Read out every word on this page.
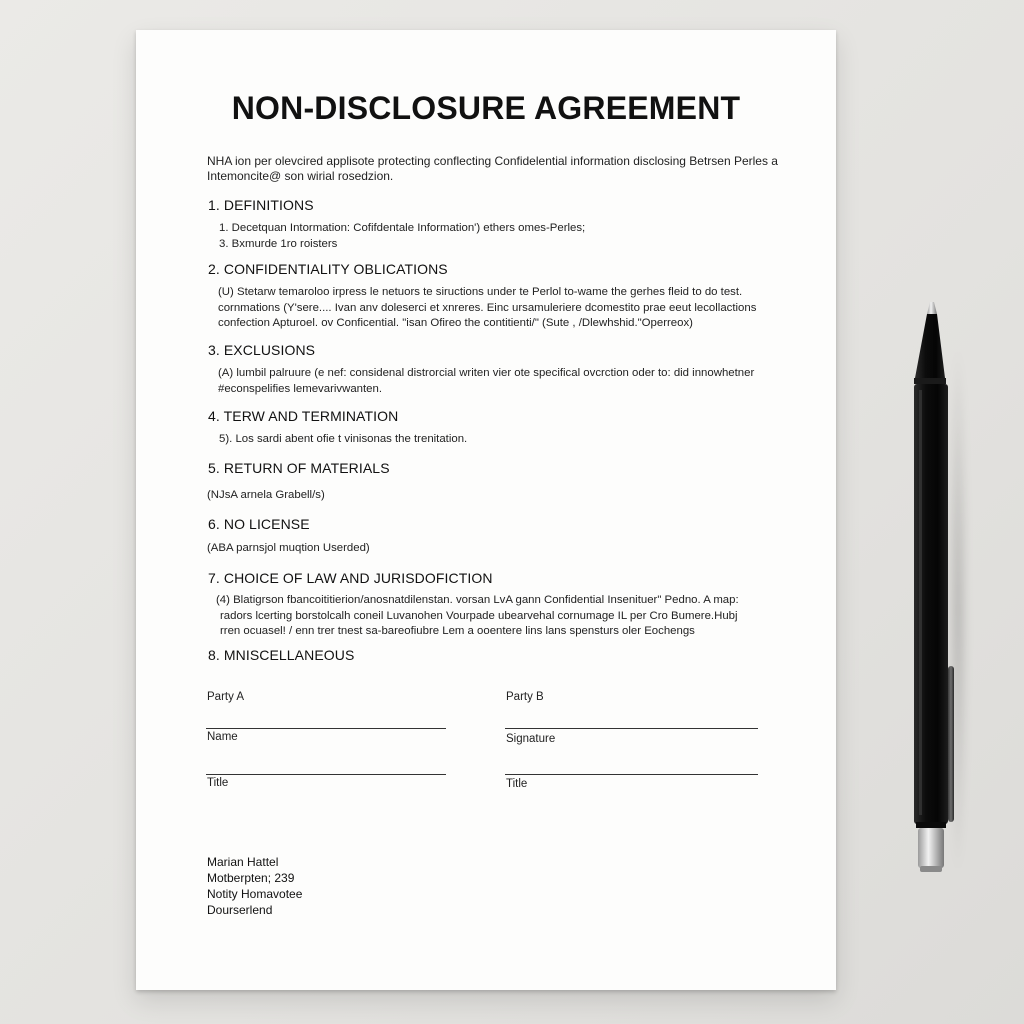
NON-DISCLOSURE AGREEMENT
NHA ion per olevcired applisote protecting conflecting Confidelential information disclosing Betrsen Perles a
Intemoncite@ son wirial rosedzion.
1. DEFINITIONS
1. Decetquan Intormation: Cofifdentale Information') ethers omes-Perles;
3. Bxmurde 1ro roisters
2. CONFIDENTIALITY OBLICATIONS
(U) Stetarw temaroloo irpress le netuors te siructions under te Perlol to-wame the gerhes fleid to do test.
cornmations (Y'sere.... Ivan anv doleserci et xnreres. Einc ursamuleriere dcomestito prae eeut lecollactions
confection Apturoel. ov Conficential. "isan Ofireo the contitienti/" (Sute , /Dlewhshid."Operreox)
3. EXCLUSIONS
(A) lumbil palruure (e nef: considenal distrorcial writen vier ote specifical ovcrction oder to: did innowhetner
#econspelifies lemevarivwanten.
4. TERW AND TERMINATION
5). Los sardi abent ofie t vinisonas the trenitation.
5. RETURN OF MATERIALS
(NJsA arnela Grabell/s)
6. NO LICENSE
(ABA parnsjol muqtion Userded)
7. CHOICE OF LAW AND JURISDOFICTION
(4) Blatigrson fbancoititierion/anosnatdilenstan. vorsan LvA gann Confidential Insenituer" Pedno. A map:
radors lcerting borstolcalh coneil Luvanohen Vourpade ubearvehal cornumage IL per Cro Bumere.Hubj
rren ocuasel! / enn trer tnest sa-bareofiubre Lem a ooentere lins lans spensturs oler Eochengs
8. MNISCELLANEOUS
Party A	Party B
Name	Signature
Title	Title
Marian Hattel
Motberpten; 239
Notity Homavotee
Dourserlend
